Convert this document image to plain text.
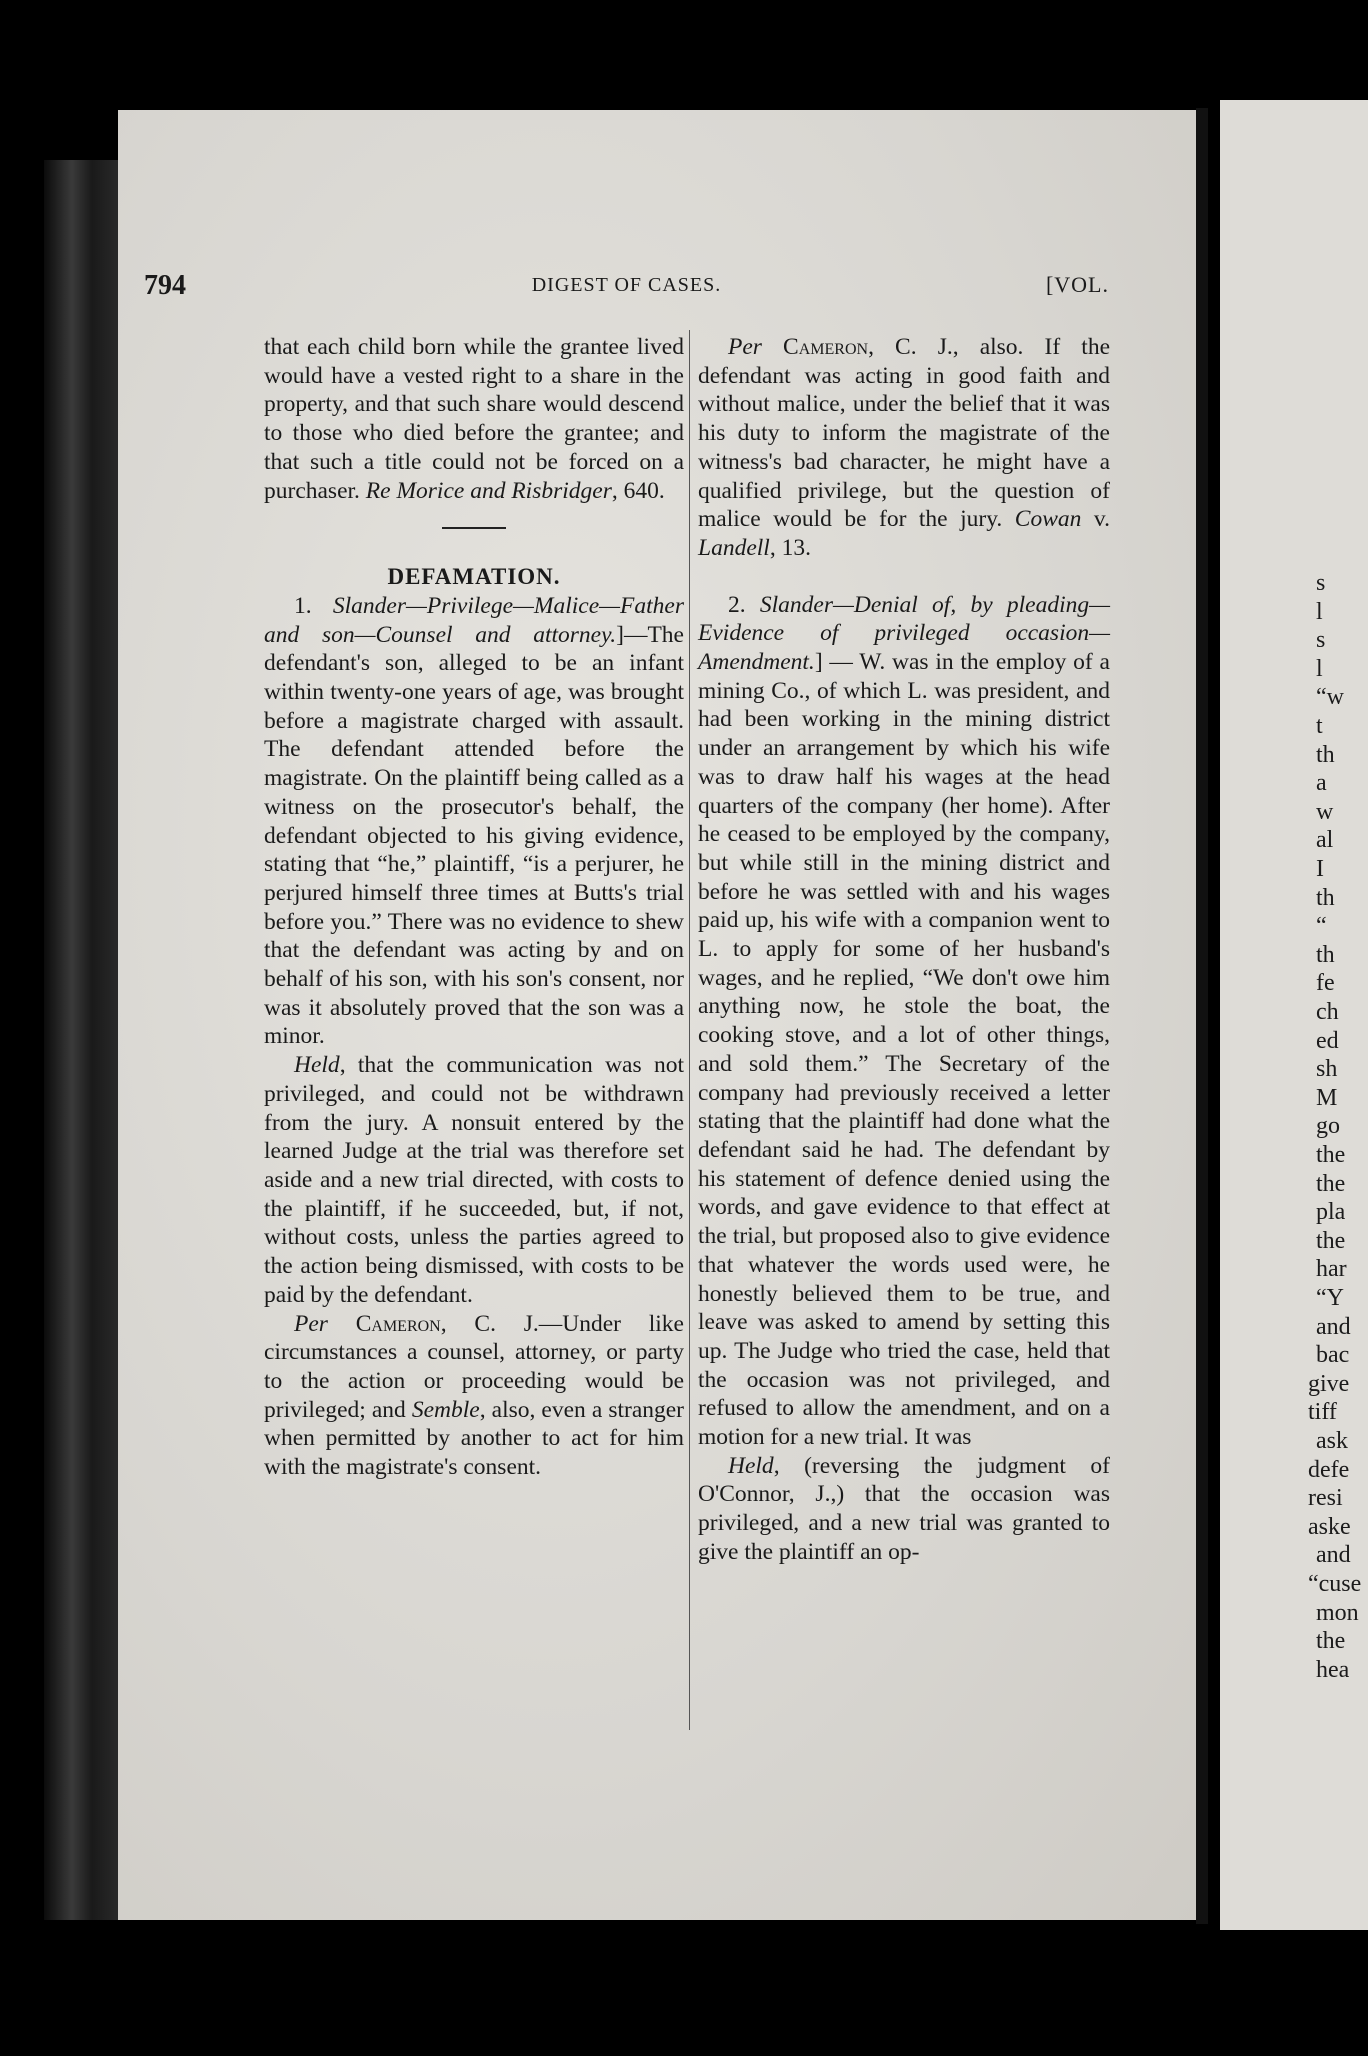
s
l
s
l
“w
t
th
a
w
al
I
th
“
th
fe
ch
ed
sh
M
go
the
the
pla
the
har
“Y
and
bac
give
tiff
ask
defe
resi
aske
and
“cuse
mon
the
hea
794	DIGEST OF CASES.	[VOL.

that each child born while the grantee lived would have a vested right to a share in the property, and that such share would descend to those who died before the grantee; and that such a title could not be forced on a purchaser. Re Morice and Risbridger, 640.

DEFAMATION.

1. Slander—Privilege—Malice—Father and son—Counsel and attorney.]—The defendant's son, alleged to be an infant within twenty-one years of age, was brought before a magistrate charged with assault. The defendant attended before the magistrate. On the plaintiff being called as a witness on the prosecutor's behalf, the defendant objected to his giving evidence, stating that “he,” plaintiff, “is a perjurer, he perjured himself three times at Butts's trial before you.” There was no evidence to shew that the defendant was acting by and on behalf of his son, with his son's consent, nor was it absolutely proved that the son was a minor.

Held, that the communication was not privileged, and could not be withdrawn from the jury. A nonsuit entered by the learned Judge at the trial was therefore set aside and a new trial directed, with costs to the plaintiff, if he succeeded, but, if not, without costs, unless the parties agreed to the action being dismissed, with costs to be paid by the defendant.

Per Cameron, C. J.—Under like circumstances a counsel, attorney, or party to the action or proceeding would be privileged; and Semble, also, even a stranger when permitted by another to act for him with the magistrate's consent.

Per Cameron, C. J., also. If the defendant was acting in good faith and without malice, under the belief that it was his duty to inform the magistrate of the witness's bad character, he might have a qualified privilege, but the question of malice would be for the jury. Cowan v. Landell, 13.

2. Slander—Denial of, by pleading—Evidence of privileged occasion—Amendment.] — W. was in the employ of a mining Co., of which L. was president, and had been working in the mining district under an arrangement by which his wife was to draw half his wages at the head quarters of the company (her home). After he ceased to be employed by the company, but while still in the mining district and before he was settled with and his wages paid up, his wife with a companion went to L. to apply for some of her husband's wages, and he replied, “We don't owe him anything now, he stole the boat, the cooking stove, and a lot of other things, and sold them.” The Secretary of the company had previously received a letter stating that the plaintiff had done what the defendant said he had. The defendant by his statement of defence denied using the words, and gave evidence to that effect at the trial, but proposed also to give evidence that whatever the words used were, he honestly believed them to be true, and leave was asked to amend by setting this up. The Judge who tried the case, held that the occasion was not privileged, and refused to allow the amendment, and on a motion for a new trial. It was

Held, (reversing the judgment of O'Connor, J.,) that the occasion was privileged, and a new trial was granted to give the plaintiff an op-
